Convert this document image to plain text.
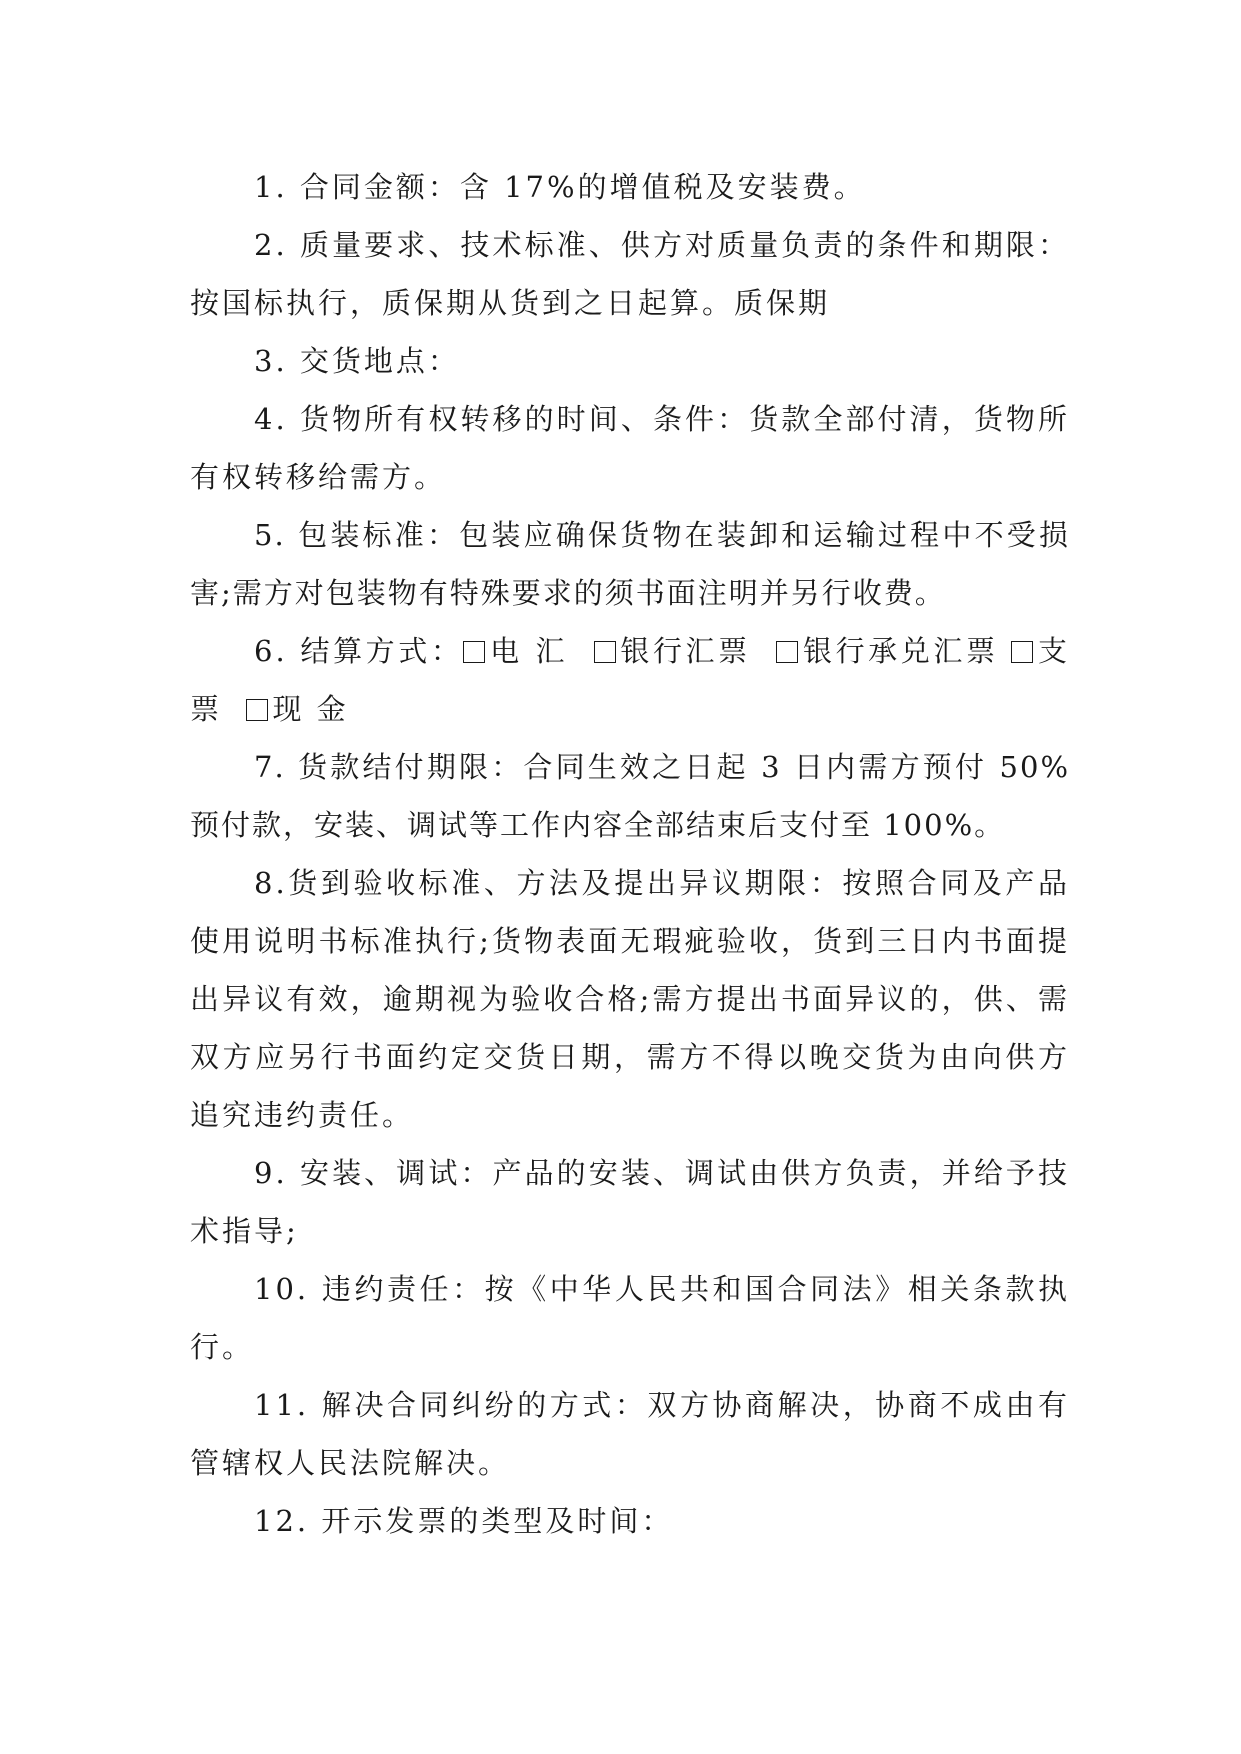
1. 合同金额：含 17%的增值税及安装费。

2. 质量要求、技术标准、供方对质量负责的条件和期限：按国标执行，质保期从货到之日起算。质保期

3. 交货地点：

4. 货物所有权转移的时间、条件：货款全部付清，货物所有权转移给需方。

5. 包装标准：包装应确保货物在装卸和运输过程中不受损害;需方对包装物有特殊要求的须书面注明并另行收费。

6. 结算方式： 电 汇 银行汇票 银行承兑汇票 支 票 现 金

7. 货款结付期限：合同生效之日起 3 日内需方预付 50%预付款，安装、调试等工作内容全部结束后支付至 100%。

8.货到验收标准、方法及提出异议期限：按照合同及产品使用说明书标准执行;货物表面无瑕疵验收，货到三日内书面提出异议有效，逾期视为验收合格;需方提出书面异议的，供、需双方应另行书面约定交货日期，需方不得以晚交货为由向供方追究违约责任。

9. 安装、调试：产品的安装、调试由供方负责，并给予技术指导;

10. 违约责任：按《中华人民共和国合同法》相关条款执行。

11. 解决合同纠纷的方式：双方协商解决，协商不成由有管辖权人民法院解决。

12. 开示发票的类型及时间：
